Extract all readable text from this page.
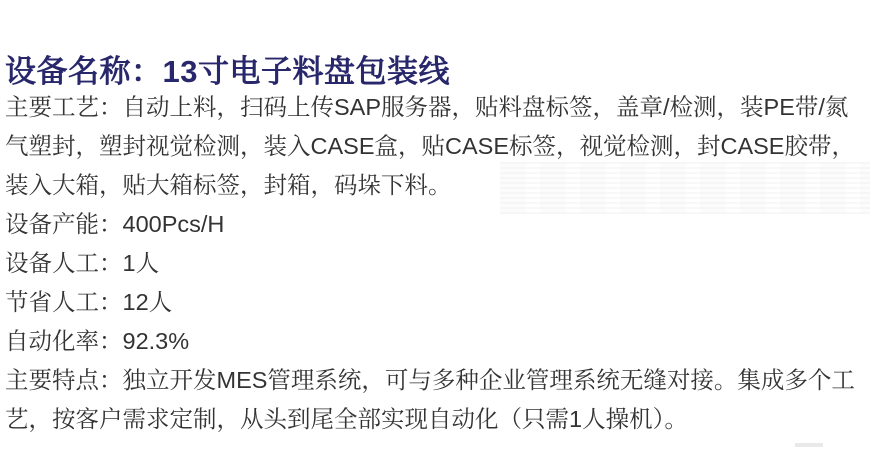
设备名称：13寸电子料盘包装线

主要工艺：自动上料，扫码上传SAP服务器，贴料盘标签，盖章/检测，装PE带/氮气塑封，塑封视觉检测，装入CASE盒，贴CASE标签，视觉检测，封CASE胶带，装入大箱，贴大箱标签，封箱，码垛下料。

设备产能：400Pcs/H

设备人工：1人

节省人工：12人

自动化率：92.3%

主要特点：独立开发MES管理系统，可与多种企业管理系统无缝对接。集成多个工艺，按客户需求定制，从头到尾全部实现自动化（只需1人操机）。
